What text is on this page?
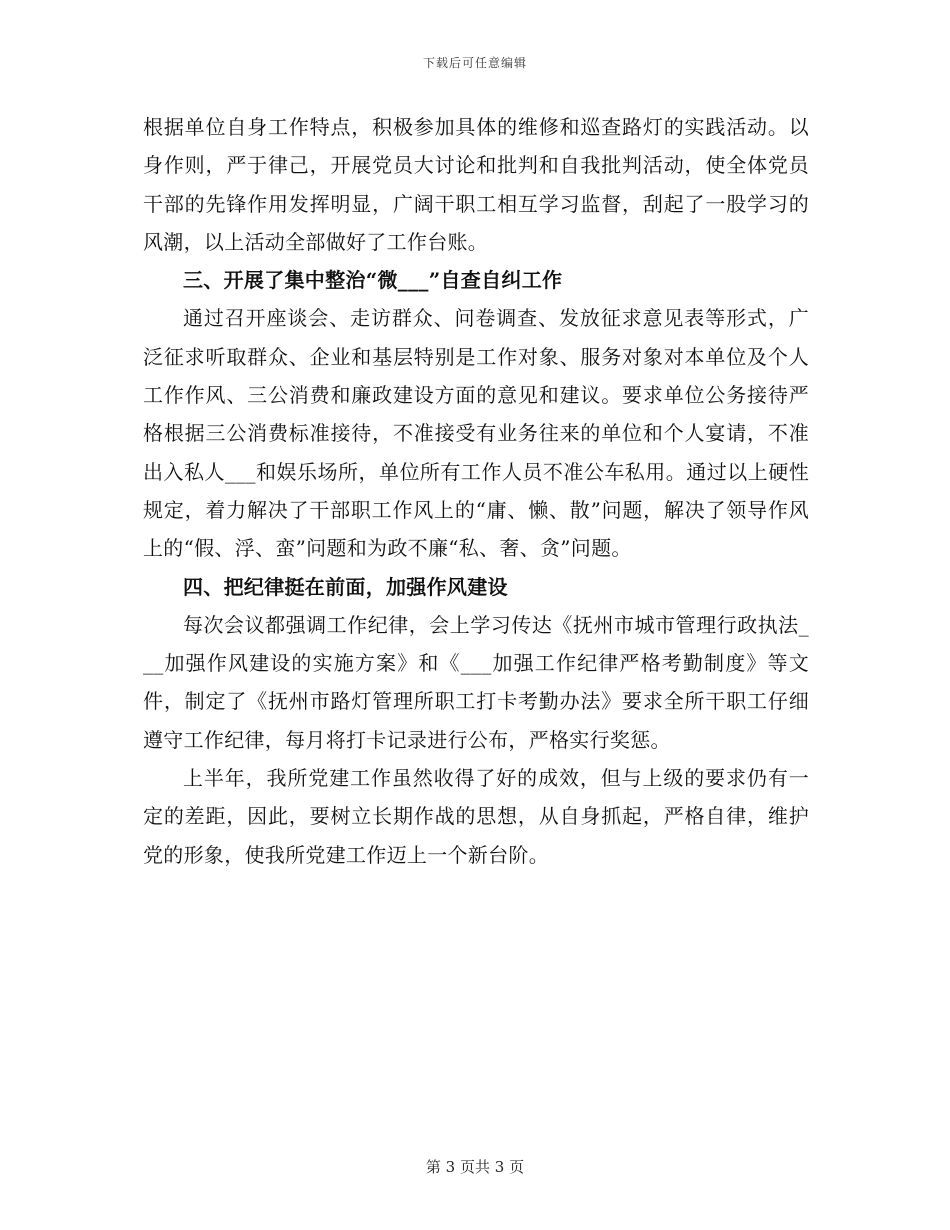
下载后可任意编辑

根据单位自身工作特点，积极参加具体的维修和巡查路灯的实践活动。以身作则，严于律己，开展党员大讨论和批判和自我批判活动，使全体党员干部的先锋作用发挥明显，广阔干职工相互学习监督，刮起了一股学习的风潮，以上活动全部做好了工作台账。

三、开展了集中整治“微___”自查自纠工作

通过召开座谈会、走访群众、问卷调查、发放征求意见表等形式，广泛征求听取群众、企业和基层特别是工作对象、服务对象对本单位及个人工作作风、三公消费和廉政建设方面的意见和建议。要求单位公务接待严格根据三公消费标准接待，不准接受有业务往来的单位和个人宴请，不准出入私人___和娱乐场所，单位所有工作人员不准公车私用。通过以上硬性规定，着力解决了干部职工作风上的“庸、懒、散”问题，解决了领导作风上的“假、浮、蛮”问题和为政不廉“私、奢、贪”问题。

四、把纪律挺在前面，加强作风建设

每次会议都强调工作纪律，会上学习传达《抚州市城市管理行政执法___加强作风建设的实施方案》和《___加强工作纪律严格考勤制度》等文件，制定了《抚州市路灯管理所职工打卡考勤办法》要求全所干职工仔细遵守工作纪律，每月将打卡记录进行公布，严格实行奖惩。

上半年，我所党建工作虽然收得了好的成效，但与上级的要求仍有一定的差距，因此，要树立长期作战的思想，从自身抓起，严格自律，维护党的形象，使我所党建工作迈上一个新台阶。

第 3 页共 3 页
